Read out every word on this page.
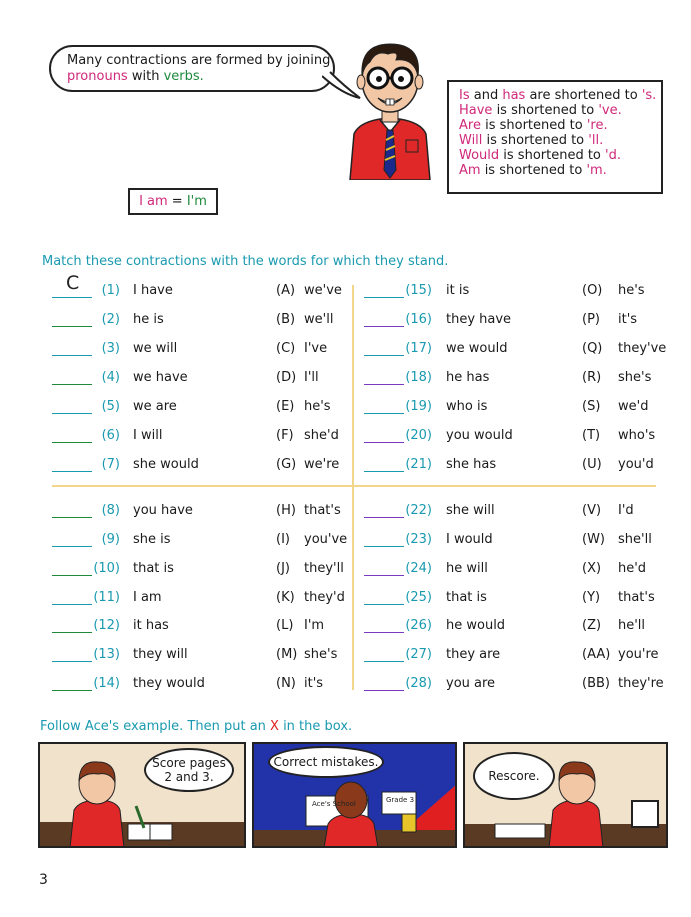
Many contractions are formed by joining
pronouns with verbs.
Is and has are shortened to 's.
Have is shortened to 've.
Are is shortened to 're.
Will is shortened to 'll.
Would is shortened to 'd.
Am is shortened to 'm.
I am = I'm
Match these contractions with the words for which they stand.
C	(1) I have	(A) we've	(15) it is	(O) he's
(2) he is	(B) we'll	(16) they have	(P) it's
(3) we will	(C) I've	(17) we would	(Q) they've
(4) we have	(D) I'll	(18) he has	(R) she's
(5) we are	(E) he's	(19) who is	(S) we'd
(6) I will	(F) she'd	(20) you would	(T) who's
(7) she would	(G) we're	(21) she has	(U) you'd
(8) you have	(H) that's	(22) she will	(V) I'd
(9) she is	(I) you've	(23) I would	(W) she'll
(10) that is	(J) they'll	(24) he will	(X) he'd
(11) I am	(K) they'd	(25) that is	(Y) that's
(12) it has	(L) I'm	(26) he would	(Z) he'll
(13) they will	(M) she's	(27) they are	(AA) you're
(14) they would	(N) it's	(28) you are	(BB) they're
Follow Ace's example. Then put an X in the box.
Score pages
2 and 3.
Ace's School	Grade 3
Correct mistakes.
Rescore.
3
